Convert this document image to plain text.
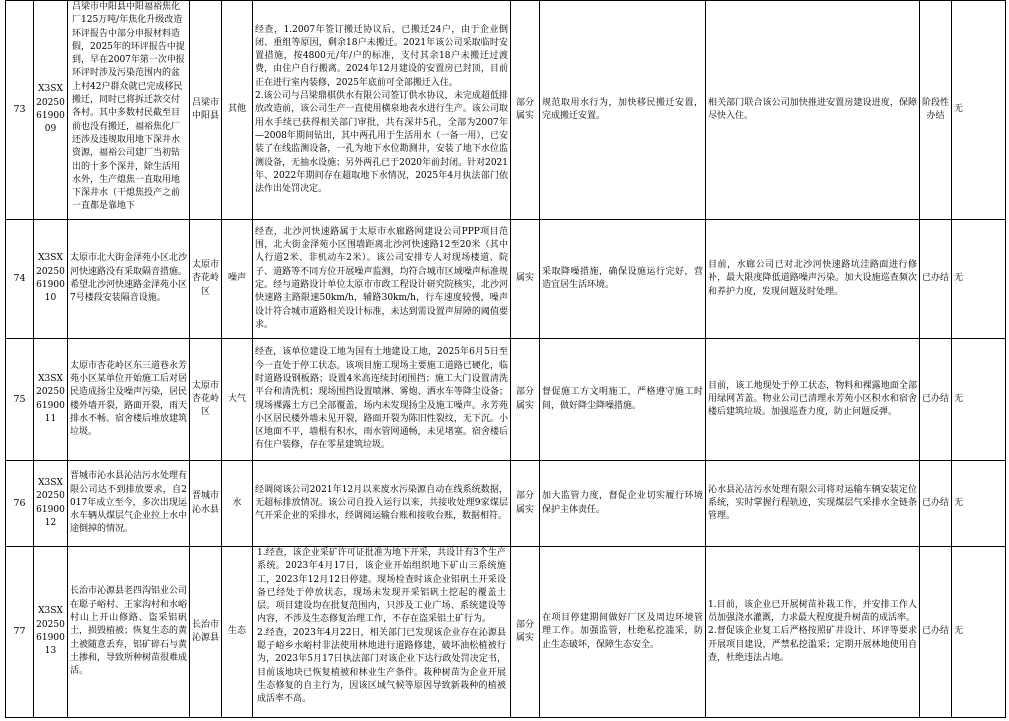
73	X3SX202506190009	吕梁市中阳县中阳福裕焦化厂125万吨/年焦化升级改造环评报告中部分申报材料造假，2025年的环评报告中提到，早在2007年第一次申报环评时涉及污染范围内的盆上村42户群众就已完成移民搬迁，同时已将拆迁款交付各村。其中多数村民截至目前也没有搬迁，福裕焦化厂还涉及违规取用地下深井水资源，福裕公司建厂当初钻出的十多个深井，除生活用水外，生产熄焦一直取用地下深井水（干熄焦投产之前一直都是靠地下	吕梁市中阳县	其他	经查，1.2007年签订搬迁协议后，已搬迁24户，由于企业倒闭、重组等原因，剩余18户未搬迁。2021年该公司采取临时安置措施，按4800元/年/户的标准，支付其余18户未搬迁过渡费，由住户自行搬离。2024年12月建设的安置房已封顶，目前正在进行室内装修，2025年底前可全部搬迁入住。
2.该公司与吕梁鼎棋供水有限公司签订供水协议，未完成超低排放改造前，该公司生产一直使用横泉地表水进行生产。该公司取用水手续已获得相关部门审批，共有深井5孔，全部为2007年—2008年期间钻出，其中两孔用于生活用水（一备一用），已安装了在线监测设备，一孔为地下水位勘测井，安装了地下水位监测设备，无抽水设施；另外两孔已于2020年前封闭。针对2021年、2022年期间存在超取地下水情况，2025年4月执法部门依法作出处罚决定。	部分属实	规范取用水行为，加快移民搬迁安置，完成搬迁安置。	相关部门联合该公司加快推进安置房建设进度，保障尽快入住。	阶段性办结	无
74	X3SX202506190010	太原市北大街金泽苑小区北沙河快速路没有采取隔音措施。希望北沙河快速路金泽苑小区7号楼段安装隔音设施。	太原市杏花岭区	噪声	经查，北沙河快速路属于太原市水廊路网建设公司PPP项目范围，北大街金泽苑小区围墙距离北沙河快速路12至20米（其中人行道2米、非机动车2米）。该公司安排专人对现场楼道、院子、道路等不同方位开展噪声监测，均符合城市区域噪声标准规定。经与道路设计单位太原市市政工程设计研究院核实，北沙河快速路主路限速50km/h，辅路30km/h，行车速度较慢，噪声设计符合城市道路相关设计标准，未达到需设置声屏障的阈值要求。	属实	采取降噪措施，确保设施运行完好，营造宜居生活环境。	目前，水廊公司已对北沙河快速路坑洼路面进行修补，最大限度降低道路噪声污染。加大设施巡查频次和养护力度，发现问题及时处理。	已办结	无
75	X3SX202506190011	太原市杏花岭区东三道巷永芳苑小区某单位开始施工后对居民造成扬尘及噪声污染，居民楼外墙开裂，路面开裂，雨天排水不畅。宿舍楼后堆放建筑垃圾。	太原市杏花岭区	大气	经查，该单位建设工地为国有土地建设工地，2025年6月5日至今一直处于停工状态。该项目施工现场主要施工道路已硬化，临时道路设钢板路；设置4米高连续封闭围挡；施工大门设置清洗平台和清洗机；现场围挡设置喷淋、雾炮、洒水车等降尘设备；现场裸露土方已全部覆盖，场内未发现扬尘及施工噪声。永芳苑小区居民楼外墙未见开裂，路面开裂为陈旧性裂纹，无下沉。小区地面不平，墙根有积水，雨水管网通畅，未见堵塞。宿舍楼后有住户装修，存在零星建筑垃圾。	部分属实	督促施工方文明施工，严格遵守施工时间，做好降尘降噪措施。	目前，该工地现处于停工状态，物料和裸露地面全部用绿网苫盖。物业公司已清理永芳苑小区积水和宿舍楼后建筑垃圾。加强巡查力度，防止问题反弹。	已办结	无
76	X3SX202506190012	晋城市沁水县沁洁污水处理有限公司达不到排放要求，自2017年成立至今，多次出现运水车辆从煤层气企业拉上水中途倒掉的情况。	晋城市沁水县	水	经调阅该公司2021年12月以来废水污染源自动在线系统数据，无超标排放情况。该公司自投入运行以来，共接收处理9家煤层气开采企业的采排水，经调阅运输台账和接收台账，数据相符。	部分属实	加大监管力度，督促企业切实履行环境保护主体责任。	沁水县沁洁污水处理有限公司将对运输车辆安装定位系统，实时掌握行程轨迹，实现煤层气采排水全链条管理。	已办结	无
77	X3SX202506190013	长治市沁源县老四沟铝业公司在聪子峪村、王家沟村和水峪村山上开山修路、盗采铝矾土，损毁植被；恢复生态的黄土被随意丢弃，铝矿碎石与黄土掺和，导致所种树苗很难成活。	长治市沁源县	生态	1.经查，该企业采矿许可证批准为地下开采，共设计有3个生产系统。2023年4月17日，该企业开始组织地下矿山三系统施工，2023年12月12日停建。现场检查时该企业铝矾土开采设备已经处于停放状态，现场未发现开采铝矾土挖起的覆盖土层。项目建设均在批复范围内，只涉及工业广场、系统建设等内容，不涉及生态修复治理工作，不存在盗采铝土矿行为。
2.经查，2023年4月22日，相关部门已发现该企业存在沁源县聪子峪乡水峪村非法使用林地进行道路修建，破坏油松植被行为，2023年5月17日执法部门对该企业下达行政处罚决定书，目前该地块已恢复植被和林业生产条件。栽种树苗为企业开展生态修复的自主行为，因该区域气候等原因导致新栽种的植被成活率不高。	部分属实	在项目停建期间做好厂区及周边环境管理工作。加强监管，杜绝私挖滥采，防止生态破坏，保障生态安全。	1.目前，该企业已开展树苗补栽工作，并安排工作人员加强浇水灌溉，力求最大程度提升树苗的成活率。
2.督促该企业复工后严格按照矿井设计、环评等要求开展项目建设，严禁私挖滥采；定期开展林地使用自查，杜绝违法占地。	已办结	无
